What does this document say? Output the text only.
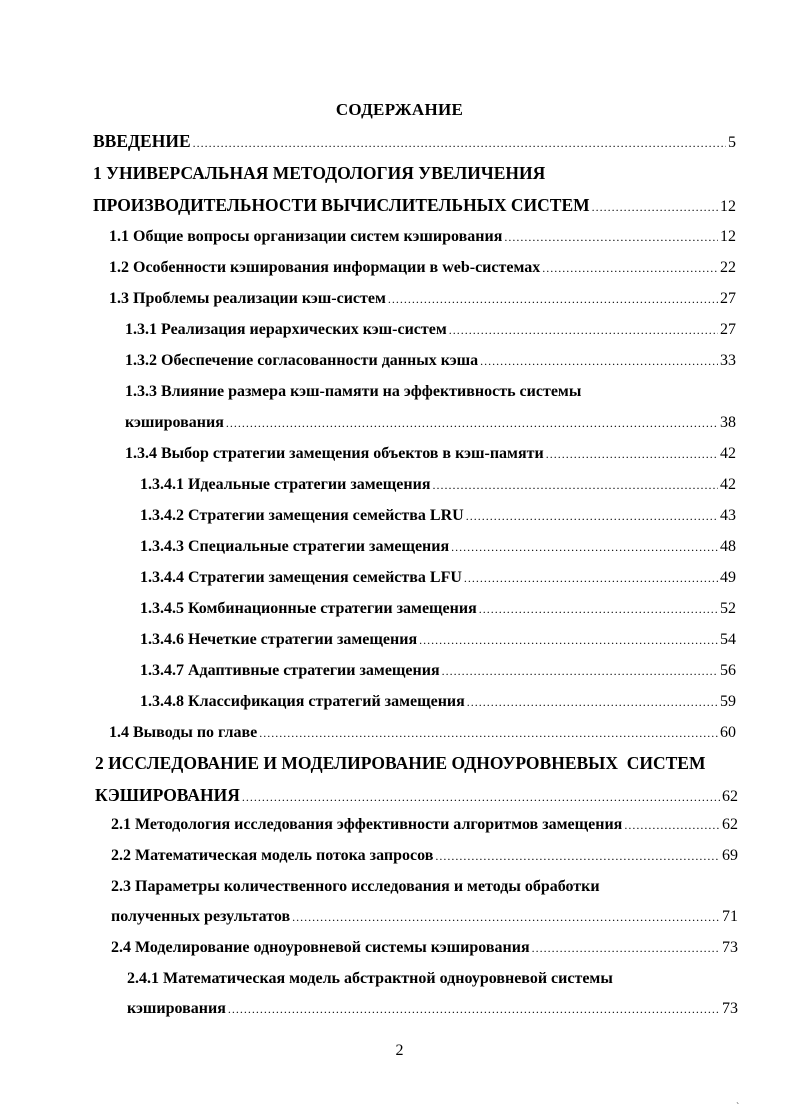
СОДЕРЖАНИЕ
ВВЕДЕНИЕ .....	5
1 УНИВЕРСАЛЬНАЯ МЕТОДОЛОГИЯ УВЕЛИЧЕНИЯ
ПРОИЗВОДИТЕЛЬНОСТИ ВЫЧИСЛИТЕЛЬНЫХ СИСТЕМ .....	12
1.1 Общие вопросы организации систем кэширования .....	12
1.2 Особенности кэширования информации в web-системах .....	22
1.3 Проблемы реализации кэш-систем .....	27
1.3.1 Реализация иерархических кэш-систем .....	27
1.3.2 Обеспечение согласованности данных кэша .....	33
1.3.3 Влияние размера кэш-памяти на эффективность системы
кэширования .....	38
1.3.4 Выбор стратегии замещения объектов в кэш-памяти .....	42
1.3.4.1 Идеальные стратегии замещения .....	42
1.3.4.2 Стратегии замещения семейства LRU .....	43
1.3.4.3 Специальные стратегии замещения .....	48
1.3.4.4 Стратегии замещения семейства LFU .....	49
1.3.4.5 Комбинационные стратегии замещения .....	52
1.3.4.6 Нечеткие стратегии замещения .....	54
1.3.4.7 Адаптивные стратегии замещения .....	56
1.3.4.8 Классификация стратегий замещения .....	59
1.4 Выводы по главе .....	60
2 ИССЛЕДОВАНИЕ И МОДЕЛИРОВАНИЕ ОДНОУРОВНЕВЫХ  СИСТЕМ
КЭШИРОВАНИЯ .....	62
2.1 Методология исследования эффективности алгоритмов замещения .....	62
2.2 Математическая модель потока запросов .....	69
2.3 Параметры количественного исследования и методы обработки
полученных результатов .....	71
2.4 Моделирование одноуровневой системы кэширования .....	73
2.4.1 Математическая модель абстрактной одноуровневой системы
кэширования .....	73
2
`
